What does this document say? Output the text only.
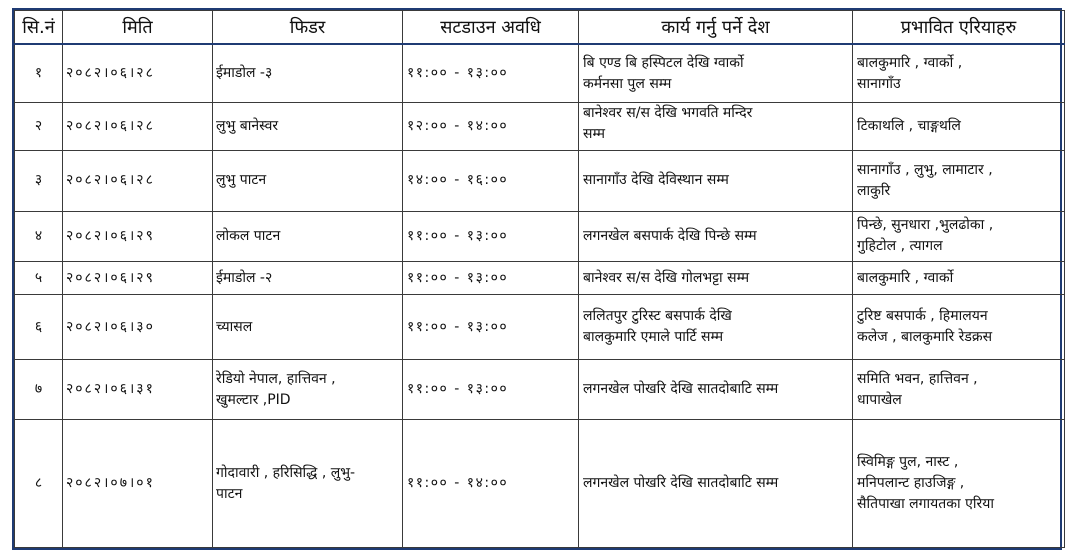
सि.नं	मिति	फिडर	सटडाउन अवधि	कार्य गर्नु पर्ने देश	प्रभावित एरियाहरु
१	२०८२।०६।२८	ईमाडोल -३	११:०० - १३:००	बि एण्ड बि हस्पिटल देखि ग्वार्को
कर्मनसा पुल सम्म	बालकुमारि , ग्वार्को ,
सानागाँउ

२	२०८२।०६।२८	लुभु बानेस्वर	१२:०० - १४:००	बानेश्वर स/स देखि भगवति मन्दिर
सम्म	टिकाथलि , चाङ्गथलि

३	२०८२।०६।२८	लुभु पाटन	१४:०० - १६:००	सानागाँउ देखि देविस्थान सम्म	सानागाँउ , लुभु, लामाटार ,
लाकुरि

४	२०८२।०६।२९	लोकल पाटन	११:०० - १३:००	लगनखेल बसपार्क देखि पिन्छे सम्म	पिन्छे, सुनधारा ,भुलढोका ,
गुहिटोल , त्यागल

५	२०८२।०६।२९	ईमाडोल -२	११:०० - १३:००	बानेश्वर स/स देखि गोलभट्टा सम्म	बालकुमारि , ग्वार्को

६	२०८२।०६।३०	च्यासल	११:०० - १३:००	ललितपुर टुरिस्ट बसपार्क देखि
बालकुमारि एमाले पार्टि सम्म	टुरिष्ट बसपार्क , हिमालयन
कलेज , बालकुमारि रेडक्रस

७	२०८२।०६।३१	रेडियो नेपाल, हात्तिवन ,
खुमल्टार ,PID	११:०० - १३:००	लगनखेल पोखरि देखि सातदोबाटि सम्म	समिति भवन, हात्तिवन ,
धापाखेल

८	२०८२।०७।०१	गोदावारी , हरिसिद्धि , लुभु-
पाटन	११:०० - १४:००	लगनखेल पोखरि देखि सातदोबाटि सम्म	स्विमिङ्ग पुल, नास्ट ,
मनिपलान्ट हाउजिङ्ग ,
सैतिपाखा लगायतका एरिया
